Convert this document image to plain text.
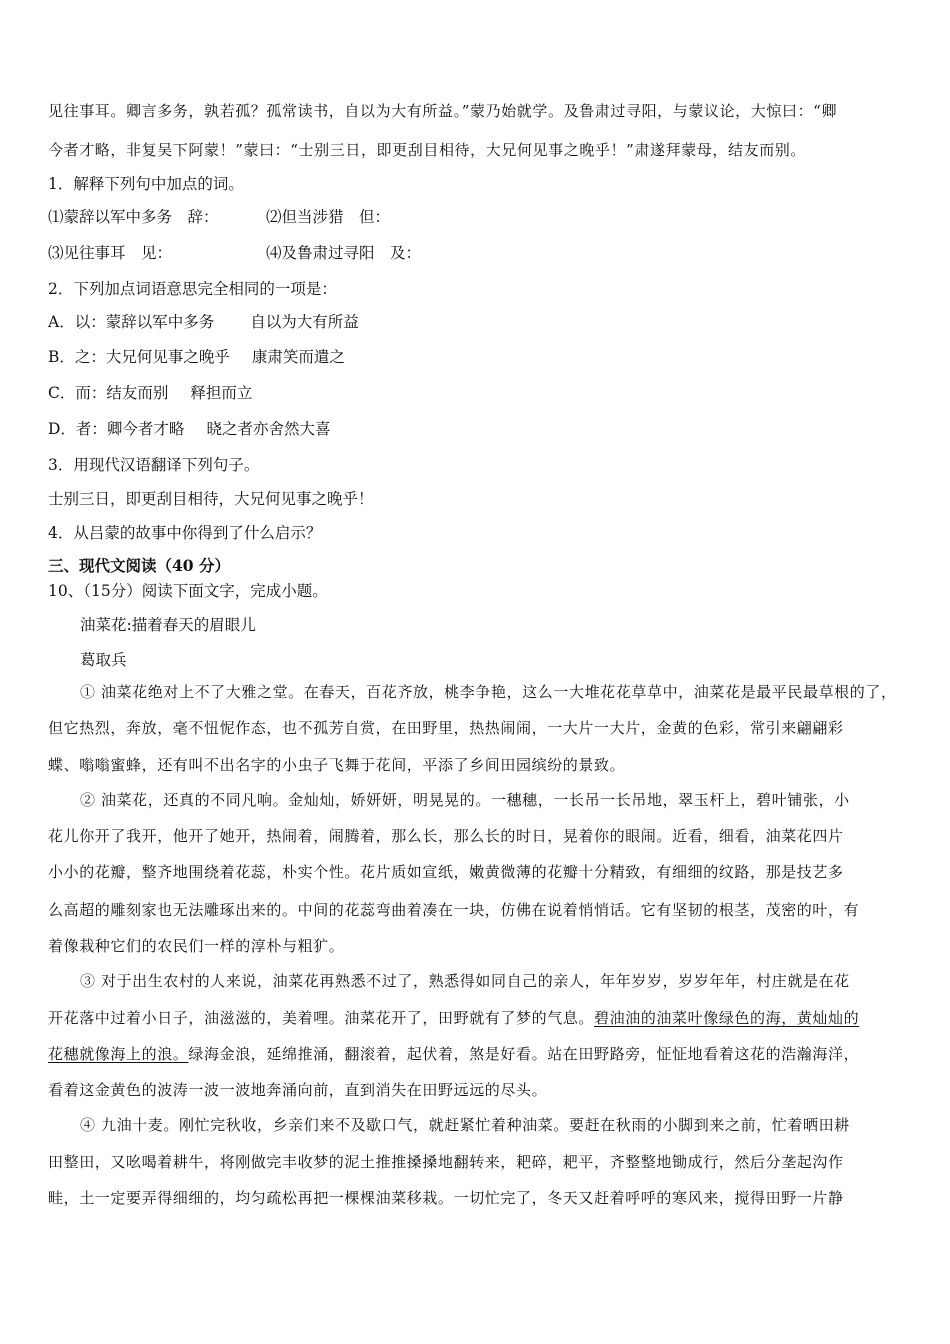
见往事耳。卿言多务，孰若孤？孤常读书，自以为大有所益。”蒙乃始就学。及鲁肃过寻阳，与蒙议论，大惊曰：“卿
今者才略，非复吴下阿蒙！”蒙曰：“士别三日，即更刮目相待，大兄何见事之晚乎！”肃遂拜蒙母，结友而别。
1．解释下列句中加点的词。
⑴蒙辞以军中多务　辞：	⑵但当涉猎　但：
⑶见往事耳　见：	⑷及鲁肃过寻阳　及：
2．下列加点词语意思完全相同的一项是：
A．以：蒙辞以军中多务 自以为大有所益
B．之：大兄何见事之晚乎 康肃笑而遣之
C．而：结友而别 释担而立
D．者：卿今者才略 晓之者亦舍然大喜
3．用现代汉语翻译下列句子。
士别三日，即更刮目相待，大兄何见事之晚乎！
4．从吕蒙的故事中你得到了什么启示？
三、现代文阅读（40 分）
10、（15分）阅读下面文字，完成小题。
油菜花:描着春天的眉眼儿
葛取兵
① 油菜花绝对上不了大雅之堂。在春天，百花齐放，桃李争艳，这么一大堆花花草草中，油菜花是最平民最草根的了，
但它热烈，奔放，毫不忸怩作态，也不孤芳自赏，在田野里，热热闹闹，一大片一大片，金黄的色彩，常引来翩翩彩
蝶、嗡嗡蜜蜂，还有叫不出名字的小虫子飞舞于花间，平添了乡间田园缤纷的景致。
② 油菜花，还真的不同凡响。金灿灿，娇妍妍，明晃晃的。一穗穗，一长吊一长吊地，翠玉杆上，碧叶铺张，小
花儿你开了我开，他开了她开，热闹着，闹腾着，那么长，那么长的时日，晃着你的眼闹。近看，细看，油菜花四片
小小的花瓣，整齐地围绕着花蕊，朴实个性。花片质如宣纸，嫩黄微薄的花瓣十分精致，有细细的纹路，那是技艺多
么高超的雕刻家也无法雕琢出来的。中间的花蕊弯曲着凑在一块，仿佛在说着悄悄话。它有坚韧的根茎，茂密的叶，有
着像栽种它们的农民们一样的淳朴与粗犷。
③ 对于出生农村的人来说，油菜花再熟悉不过了，熟悉得如同自己的亲人，年年岁岁，岁岁年年，村庄就是在花
开花落中过着小日子，油滋滋的，美着哩。油菜花开了，田野就有了梦的气息。碧油油的油菜叶像绿色的海，黄灿灿的
花穗就像海上的浪。绿海金浪，延绵推涌，翻滚着，起伏着，煞是好看。站在田野路旁，怔怔地看着这花的浩瀚海洋，
看着这金黄色的波涛一波一波地奔涌向前，直到消失在田野远远的尽头。
④ 九油十麦。刚忙完秋收，乡亲们来不及歇口气，就赶紧忙着种油菜。要赶在秋雨的小脚到来之前，忙着晒田耕
田整田，又吆喝着耕牛，将刚做完丰收梦的泥土推推搡搡地翻转来，耙碎，耙平，齐整整地锄成行，然后分垄起沟作
畦，土一定要弄得细细的，均匀疏松再把一棵棵油菜移栽。一切忙完了，冬天又赶着呼呼的寒风来，搅得田野一片静
